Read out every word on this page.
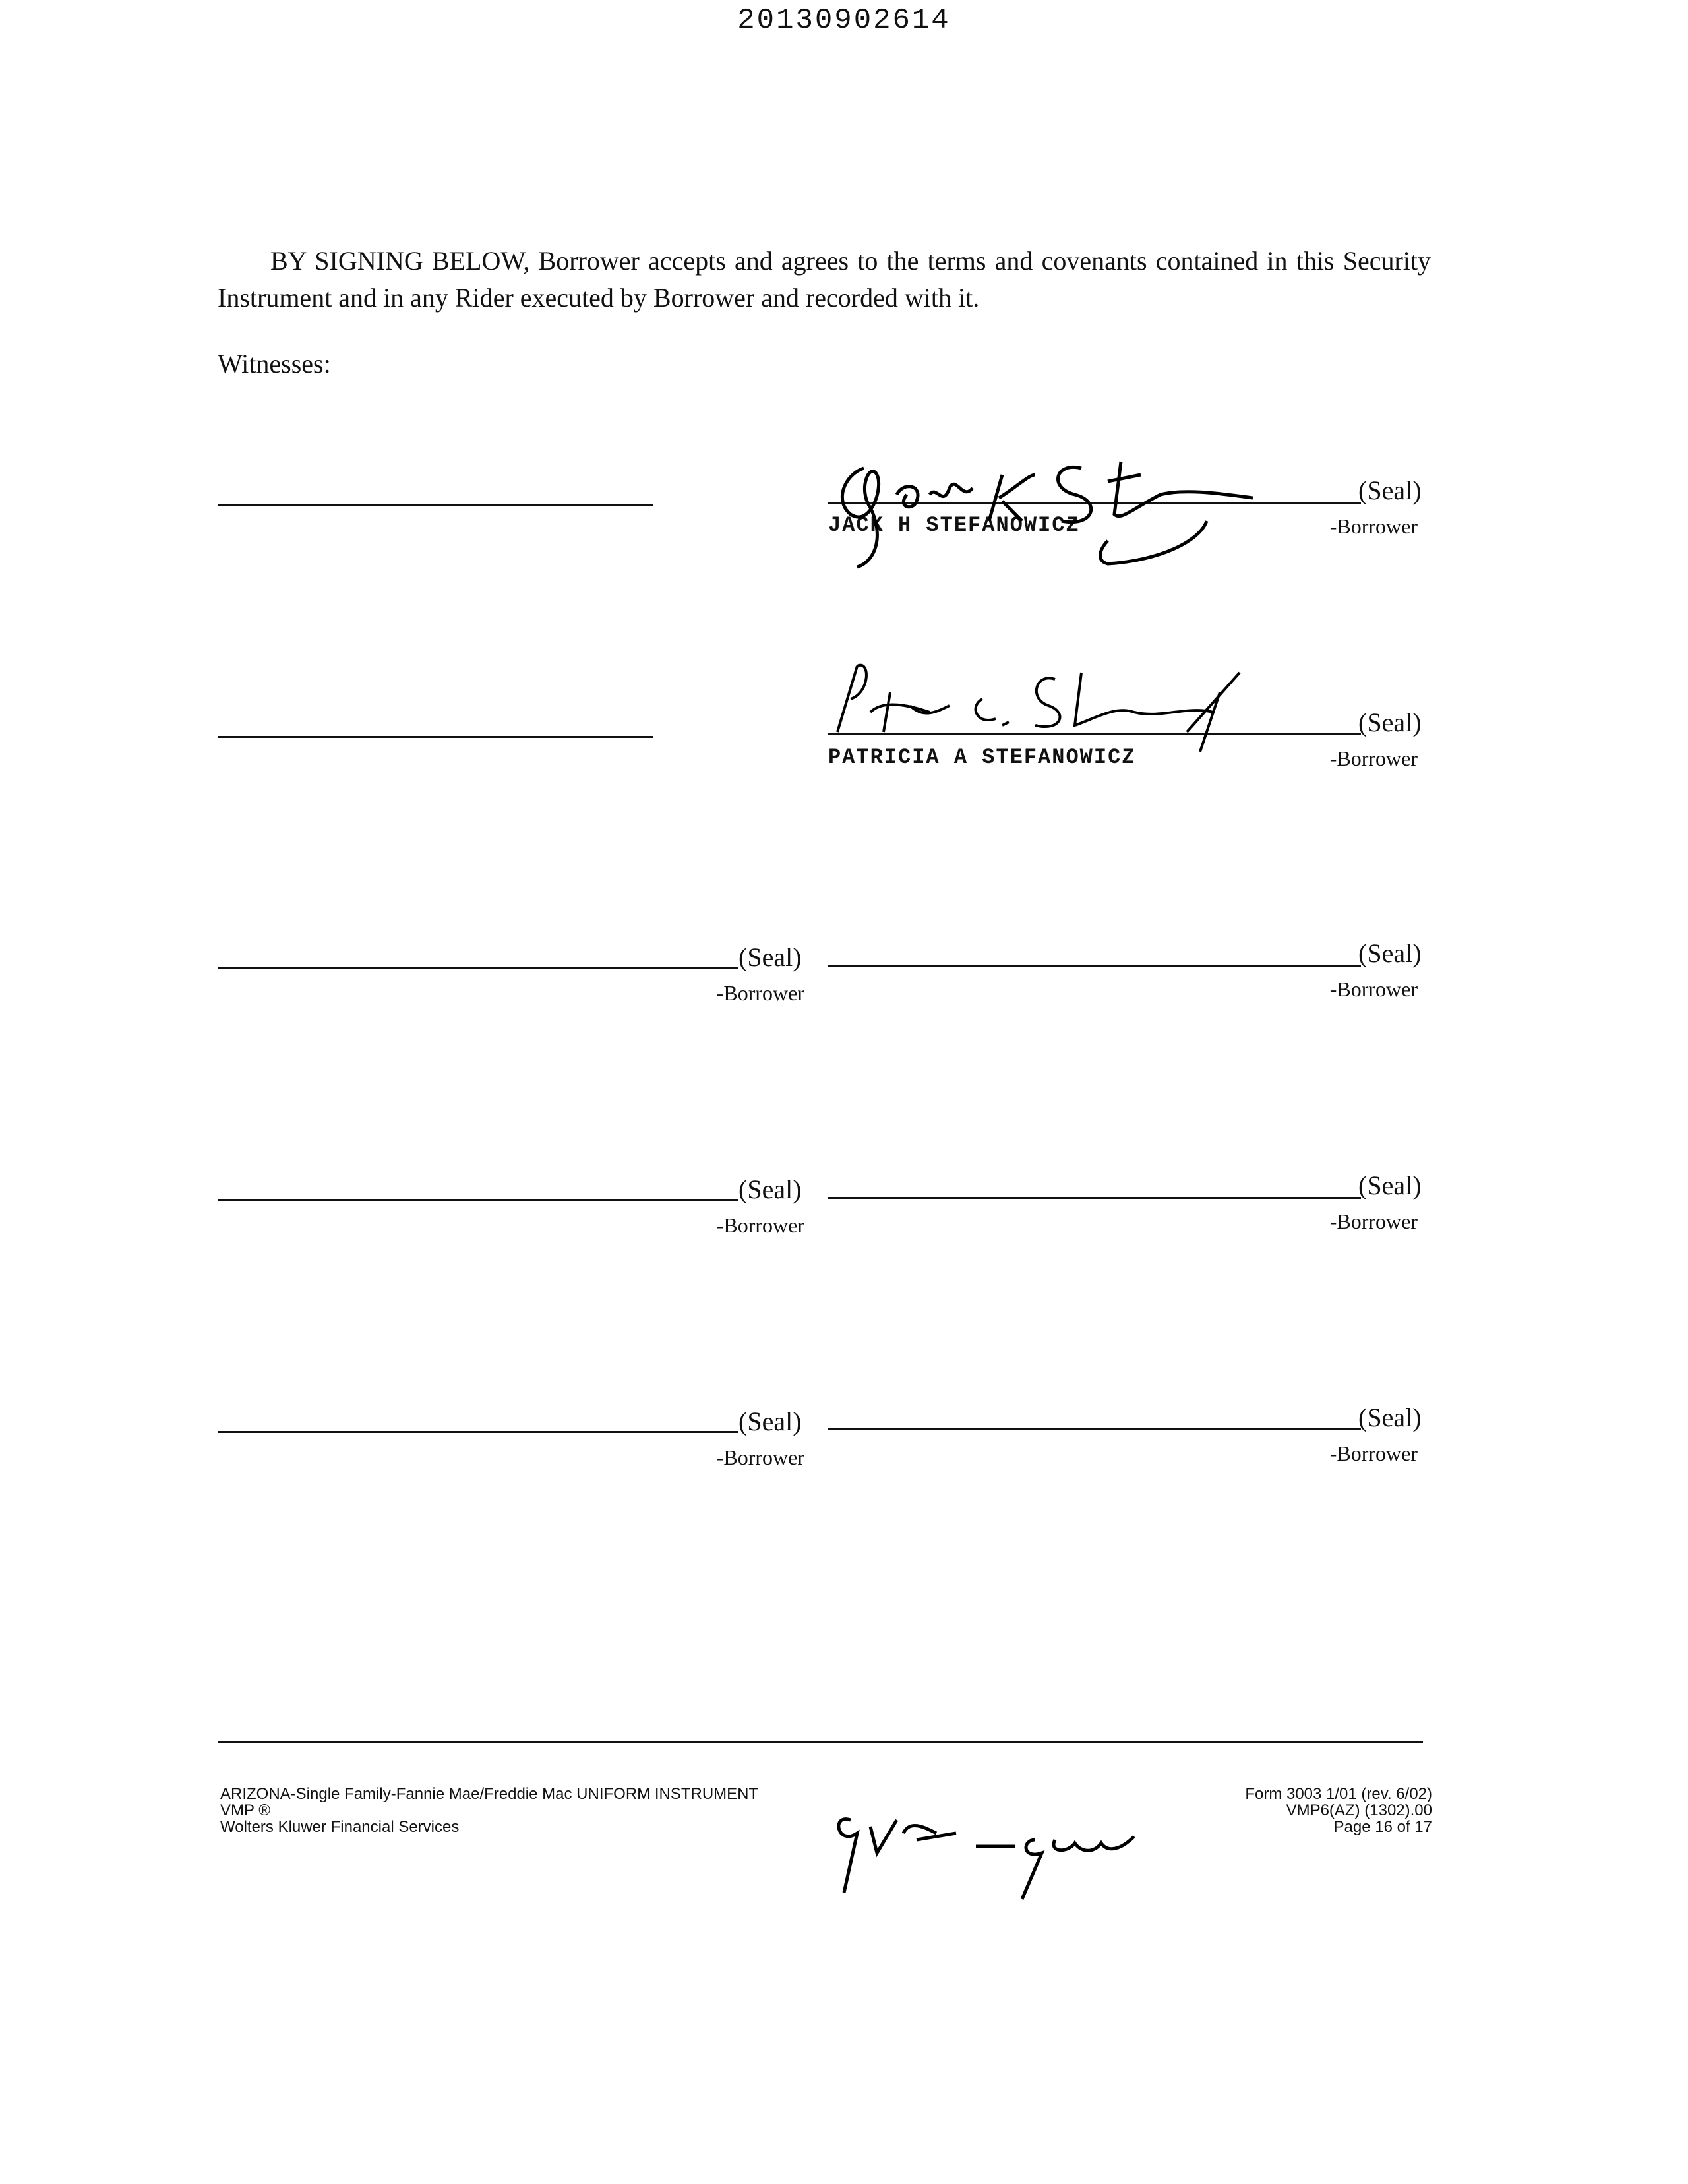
20130902614
BY SIGNING BELOW, Borrower accepts and agrees to the terms and covenants contained in this Security Instrument and in any Rider executed by Borrower and recorded with it.
Witnesses:
(Seal)
JACK H STEFANOWICZ	-Borrower
(Seal)
PATRICIA A STEFANOWICZ	-Borrower
(Seal)
-Borrower
(Seal)
-Borrower
(Seal)
-Borrower
(Seal)
-Borrower
(Seal)
-Borrower
(Seal)
-Borrower
ARIZONA-Single Family-Fannie Mae/Freddie Mac UNIFORM INSTRUMENT
VMP ®
Wolters Kluwer Financial Services
Form 3003 1/01 (rev. 6/02)
VMP6(AZ) (1302).00
Page 16 of 17
